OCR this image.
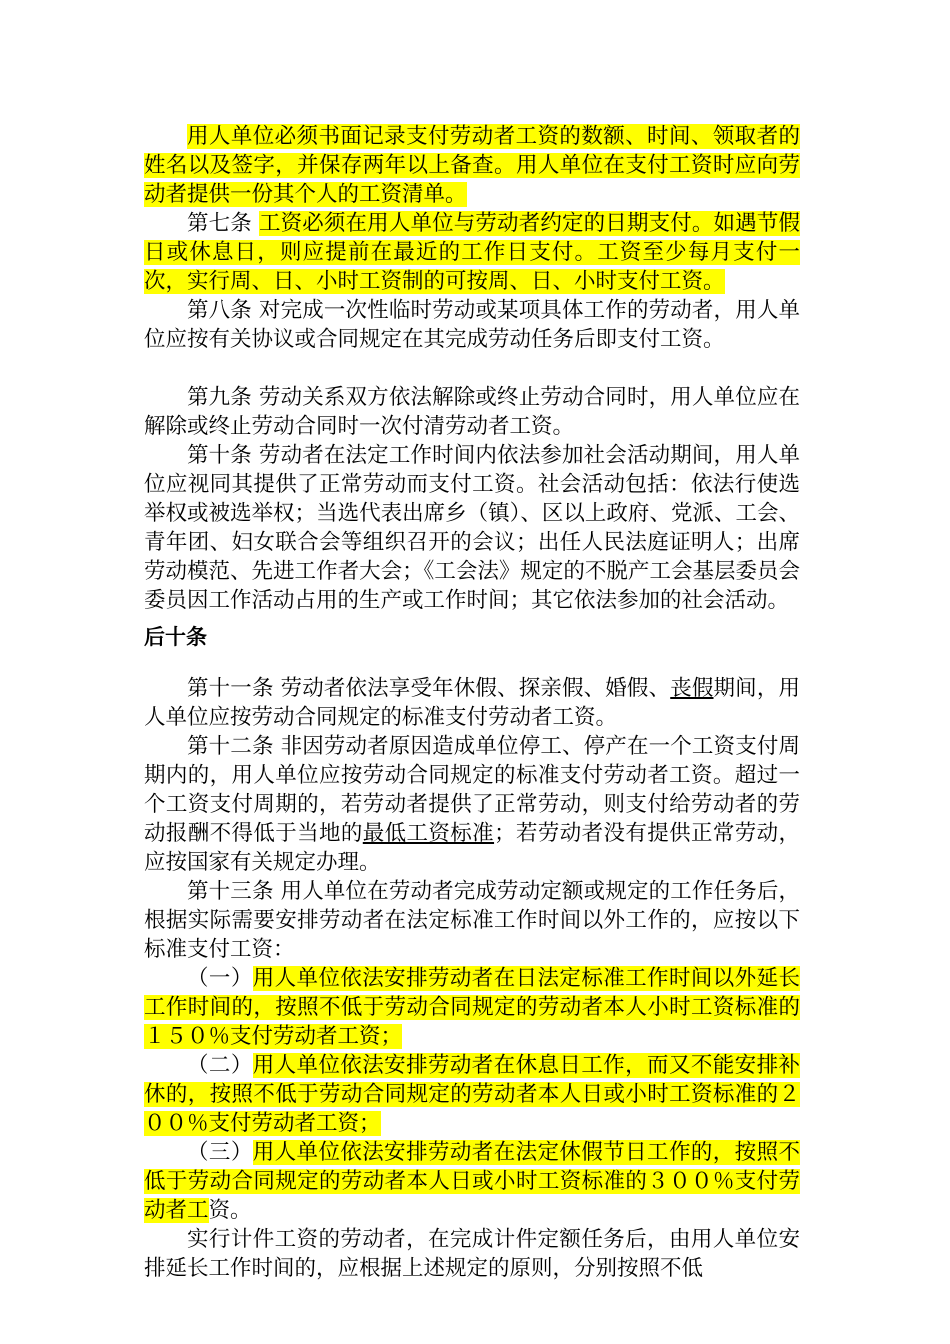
用人单位必须书面记录支付劳动者工资的数额、时间、领取者的姓名以及签字，并保存两年以上备查。用人单位在支付工资时应向劳动者提供一份其个人的工资清单。

第七条 工资必须在用人单位与劳动者约定的日期支付。如遇节假日或休息日，则应提前在最近的工作日支付。工资至少每月支付一次，实行周、日、小时工资制的可按周、日、小时支付工资。

第八条 对完成一次性临时劳动或某项具体工作的劳动者，用人单位应按有关协议或合同规定在其完成劳动任务后即支付工资。

第九条 劳动关系双方依法解除或终止劳动合同时，用人单位应在解除或终止劳动合同时一次付清劳动者工资。

第十条 劳动者在法定工作时间内依法参加社会活动期间，用人单位应视同其提供了正常劳动而支付工资。社会活动包括：依法行使选举权或被选举权；当选代表出席乡（镇）、区以上政府、党派、工会、青年团、妇女联合会等组织召开的会议；出任人民法庭证明人；出席劳动模范、先进工作者大会；《工会法》规定的不脱产工会基层委员会委员因工作活动占用的生产或工作时间；其它依法参加的社会活动。

后十条

第十一条 劳动者依法享受年休假、探亲假、婚假、丧假期间，用人单位应按劳动合同规定的标准支付劳动者工资。

第十二条 非因劳动者原因造成单位停工、停产在一个工资支付周期内的，用人单位应按劳动合同规定的标准支付劳动者工资。超过一个工资支付周期的，若劳动者提供了正常劳动，则支付给劳动者的劳动报酬不得低于当地的最低工资标准；若劳动者没有提供正常劳动，应按国家有关规定办理。

第十三条 用人单位在劳动者完成劳动定额或规定的工作任务后，根据实际需要安排劳动者在法定标准工作时间以外工作的，应按以下标准支付工资：

（一）用人单位依法安排劳动者在日法定标准工作时间以外延长工作时间的，按照不低于劳动合同规定的劳动者本人小时工资标准的１５０％支付劳动者工资；

（二）用人单位依法安排劳动者在休息日工作，而又不能安排补休的，按照不低于劳动合同规定的劳动者本人日或小时工资标准的２００％支付劳动者工资；

（三）用人单位依法安排劳动者在法定休假节日工作的，按照不低于劳动合同规定的劳动者本人日或小时工资标准的３００％支付劳动者工资。

实行计件工资的劳动者，在完成计件定额任务后，由用人单位安排延长工作时间的，应根据上述规定的原则，分别按照不低
